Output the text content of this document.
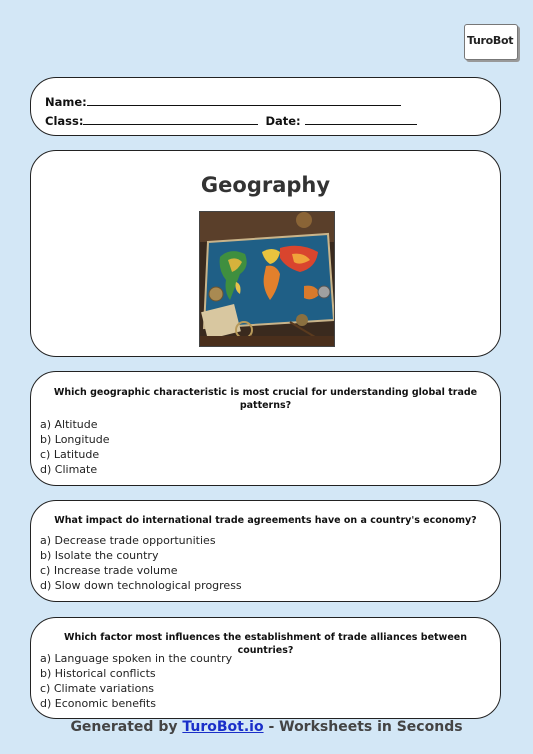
TuroBot
Name:
Class:	Date:
Geography
Which geographic characteristic is most crucial for understanding global trade patterns?
a) Altitude
b) Longitude
c) Latitude
d) Climate
What impact do international trade agreements have on a country's economy?
a) Decrease trade opportunities
b) Isolate the country
c) Increase trade volume
d) Slow down technological progress
Which factor most influences the establishment of trade alliances between countries?
a) Language spoken in the country
b) Historical conflicts
c) Climate variations
d) Economic benefits
Generated by TuroBot.io - Worksheets in Seconds
